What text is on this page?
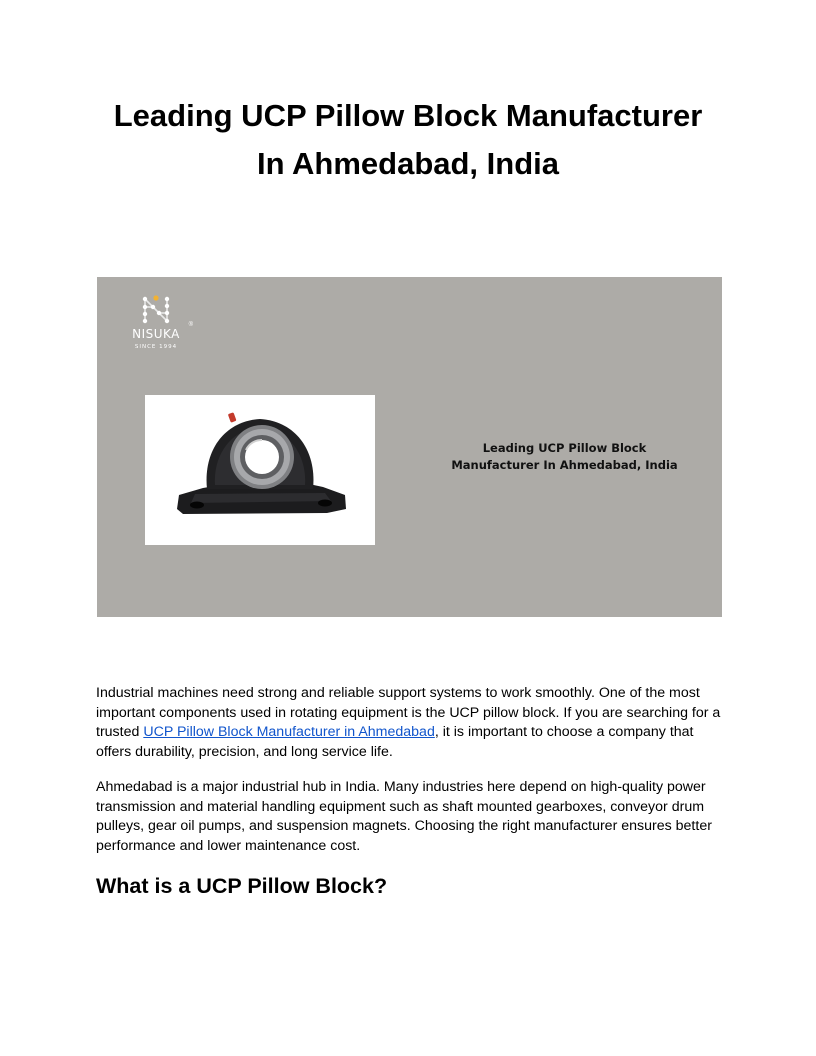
Leading UCP Pillow Block Manufacturer
In Ahmedabad, India
NISUKA
®
SINCE 1994
Leading UCP Pillow Block
Manufacturer In Ahmedabad, India

Industrial machines need strong and reliable support systems to work smoothly. One of the most important components used in rotating equipment is the UCP pillow block. If you are searching for a trusted UCP Pillow Block Manufacturer in Ahmedabad, it is important to choose a company that offers durability, precision, and long service life.

Ahmedabad is a major industrial hub in India. Many industries here depend on high-quality power transmission and material handling equipment such as shaft mounted gearboxes, conveyor drum pulleys, gear oil pumps, and suspension magnets. Choosing the right manufacturer ensures better performance and lower maintenance cost.

What is a UCP Pillow Block?
